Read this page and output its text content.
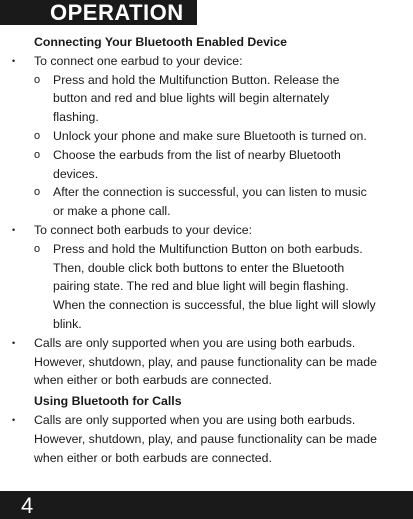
OPERATION

Connecting Your Bluetooth Enabled Device

• To connect one earbud to your device:
o Press and hold the Multifunction Button. Release the button and red and blue lights will begin alternately flashing.
o Unlock your phone and make sure Bluetooth is turned on.
o Choose the earbuds from the list of nearby Bluetooth devices.
o After the connection is successful, you can listen to music or make a phone call.
• To connect both earbuds to your device:
o Press and hold the Multifunction Button on both earbuds. Then, double click both buttons to enter the Bluetooth pairing state. The red and blue light will begin flashing. When the connection is successful, the blue light will slowly blink.
• Calls are only supported when you are using both earbuds. However, shutdown, play, and pause functionality can be made when either or both earbuds are connected.

Using Bluetooth for Calls

• Calls are only supported when you are using both earbuds. However, shutdown, play, and pause functionality can be made when either or both earbuds are connected.
4
